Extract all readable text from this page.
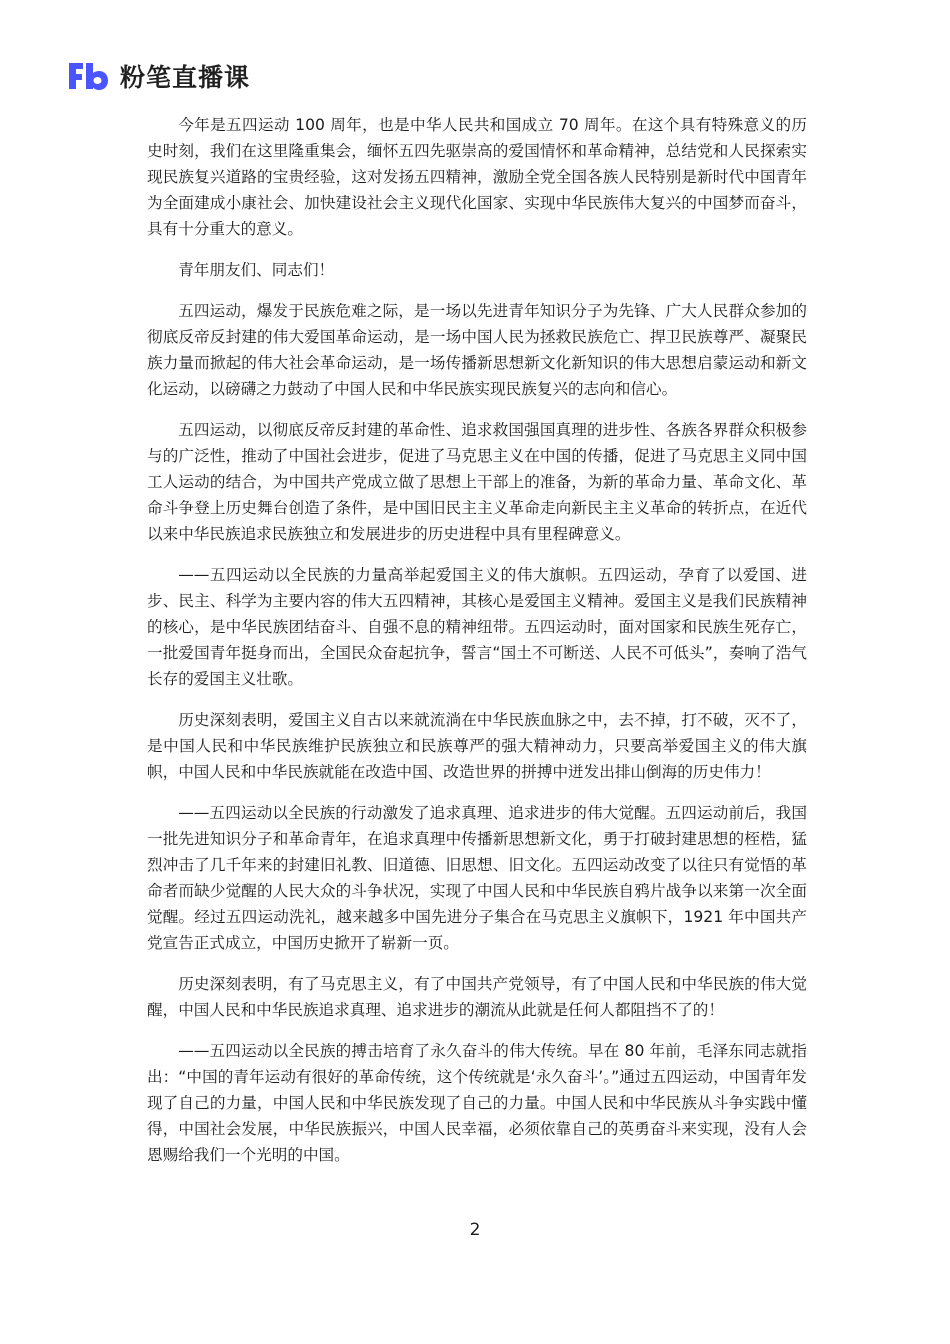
粉笔直播课

今年是五四运动 100 周年，也是中华人民共和国成立 70 周年。在这个具有特殊意义的历史时刻，我们在这里隆重集会，缅怀五四先驱崇高的爱国情怀和革命精神，总结党和人民探索实现民族复兴道路的宝贵经验，这对发扬五四精神，激励全党全国各族人民特别是新时代中国青年为全面建成小康社会、加快建设社会主义现代化国家、实现中华民族伟大复兴的中国梦而奋斗，具有十分重大的意义。

青年朋友们、同志们！

五四运动，爆发于民族危难之际，是一场以先进青年知识分子为先锋、广大人民群众参加的彻底反帝反封建的伟大爱国革命运动，是一场中国人民为拯救民族危亡、捍卫民族尊严、凝聚民族力量而掀起的伟大社会革命运动，是一场传播新思想新文化新知识的伟大思想启蒙运动和新文化运动，以磅礴之力鼓动了中国人民和中华民族实现民族复兴的志向和信心。

五四运动，以彻底反帝反封建的革命性、追求救国强国真理的进步性、各族各界群众积极参与的广泛性，推动了中国社会进步，促进了马克思主义在中国的传播，促进了马克思主义同中国工人运动的结合，为中国共产党成立做了思想上干部上的准备，为新的革命力量、革命文化、革命斗争登上历史舞台创造了条件，是中国旧民主主义革命走向新民主主义革命的转折点，在近代以来中华民族追求民族独立和发展进步的历史进程中具有里程碑意义。

——五四运动以全民族的力量高举起爱国主义的伟大旗帜。五四运动，孕育了以爱国、进步、民主、科学为主要内容的伟大五四精神，其核心是爱国主义精神。爱国主义是我们民族精神的核心，是中华民族团结奋斗、自强不息的精神纽带。五四运动时，面对国家和民族生死存亡，一批爱国青年挺身而出，全国民众奋起抗争，誓言“国土不可断送、人民不可低头”，奏响了浩气长存的爱国主义壮歌。

历史深刻表明，爱国主义自古以来就流淌在中华民族血脉之中，去不掉，打不破，灭不了，是中国人民和中华民族维护民族独立和民族尊严的强大精神动力，只要高举爱国主义的伟大旗帜，中国人民和中华民族就能在改造中国、改造世界的拼搏中迸发出排山倒海的历史伟力！

——五四运动以全民族的行动激发了追求真理、追求进步的伟大觉醒。五四运动前后，我国一批先进知识分子和革命青年，在追求真理中传播新思想新文化，勇于打破封建思想的桎梏，猛烈冲击了几千年来的封建旧礼教、旧道德、旧思想、旧文化。五四运动改变了以往只有觉悟的革命者而缺少觉醒的人民大众的斗争状况，实现了中国人民和中华民族自鸦片战争以来第一次全面觉醒。经过五四运动洗礼，越来越多中国先进分子集合在马克思主义旗帜下，1921 年中国共产党宣告正式成立，中国历史掀开了崭新一页。

历史深刻表明，有了马克思主义，有了中国共产党领导，有了中国人民和中华民族的伟大觉醒，中国人民和中华民族追求真理、追求进步的潮流从此就是任何人都阻挡不了的！

——五四运动以全民族的搏击培育了永久奋斗的伟大传统。早在 80 年前，毛泽东同志就指出：“中国的青年运动有很好的革命传统，这个传统就是‘永久奋斗’。”通过五四运动，中国青年发现了自己的力量，中国人民和中华民族发现了自己的力量。中国人民和中华民族从斗争实践中懂得，中国社会发展，中华民族振兴，中国人民幸福，必须依靠自己的英勇奋斗来实现，没有人会恩赐给我们一个光明的中国。

2
